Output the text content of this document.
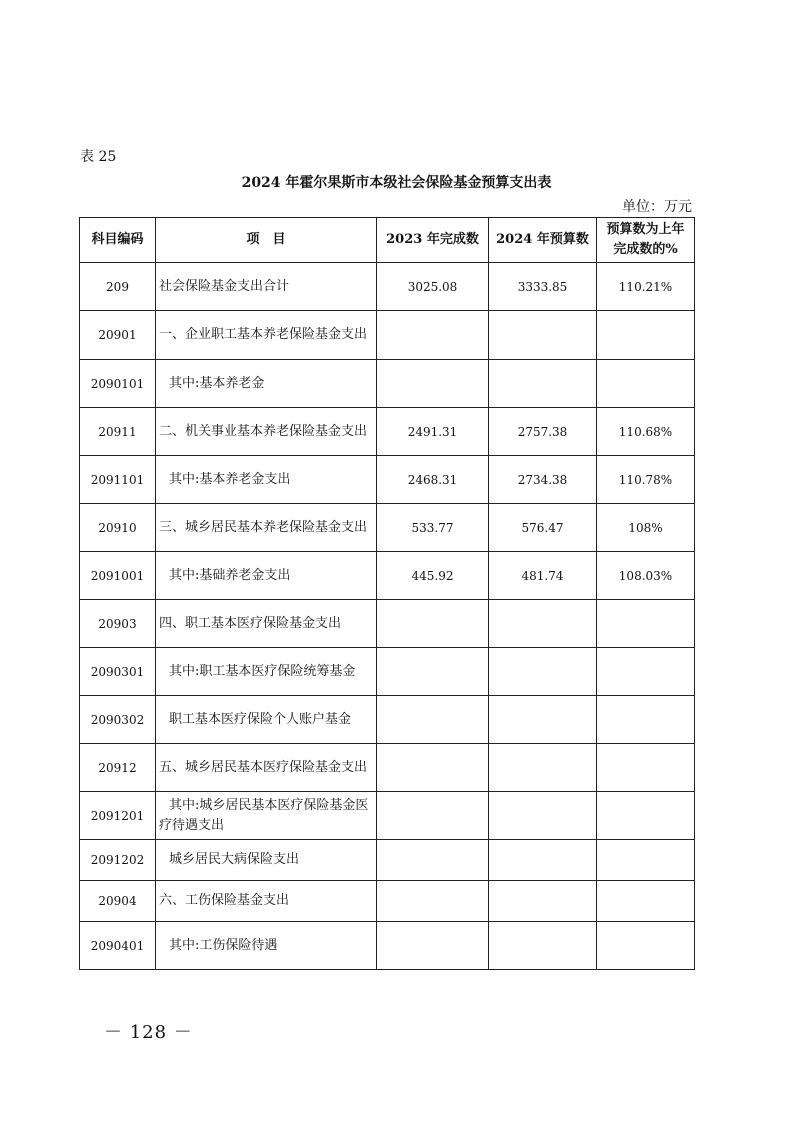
表 25
2024 年霍尔果斯市本级社会保险基金预算支出表
单位：万元
科目编码	项　目	2023 年完成数	2024 年预算数	预算数为上年完成数的%
209	社会保险基金支出合计	3025.08	3333.85	110.21%
20901	一、企业职工基本养老保险基金支出			
2090101	其中:基本养老金			
20911	二、机关事业基本养老保险基金支出	2491.31	2757.38	110.68%
2091101	其中:基本养老金支出	2468.31	2734.38	110.78%
20910	三、城乡居民基本养老保险基金支出	533.77	576.47	108%
2091001	其中:基础养老金支出	445.92	481.74	108.03%
20903	四、职工基本医疗保险基金支出			
2090301	其中:职工基本医疗保险统筹基金			
2090302	职工基本医疗保险个人账户基金			
20912	五、城乡居民基本医疗保险基金支出			
2091201	其中:城乡居民基本医疗保险基金医疗待遇支出			
2091202	城乡居民大病保险支出			
20904	六、工伤保险基金支出			
2090401	其中:工伤保险待遇			
－ 128 －
